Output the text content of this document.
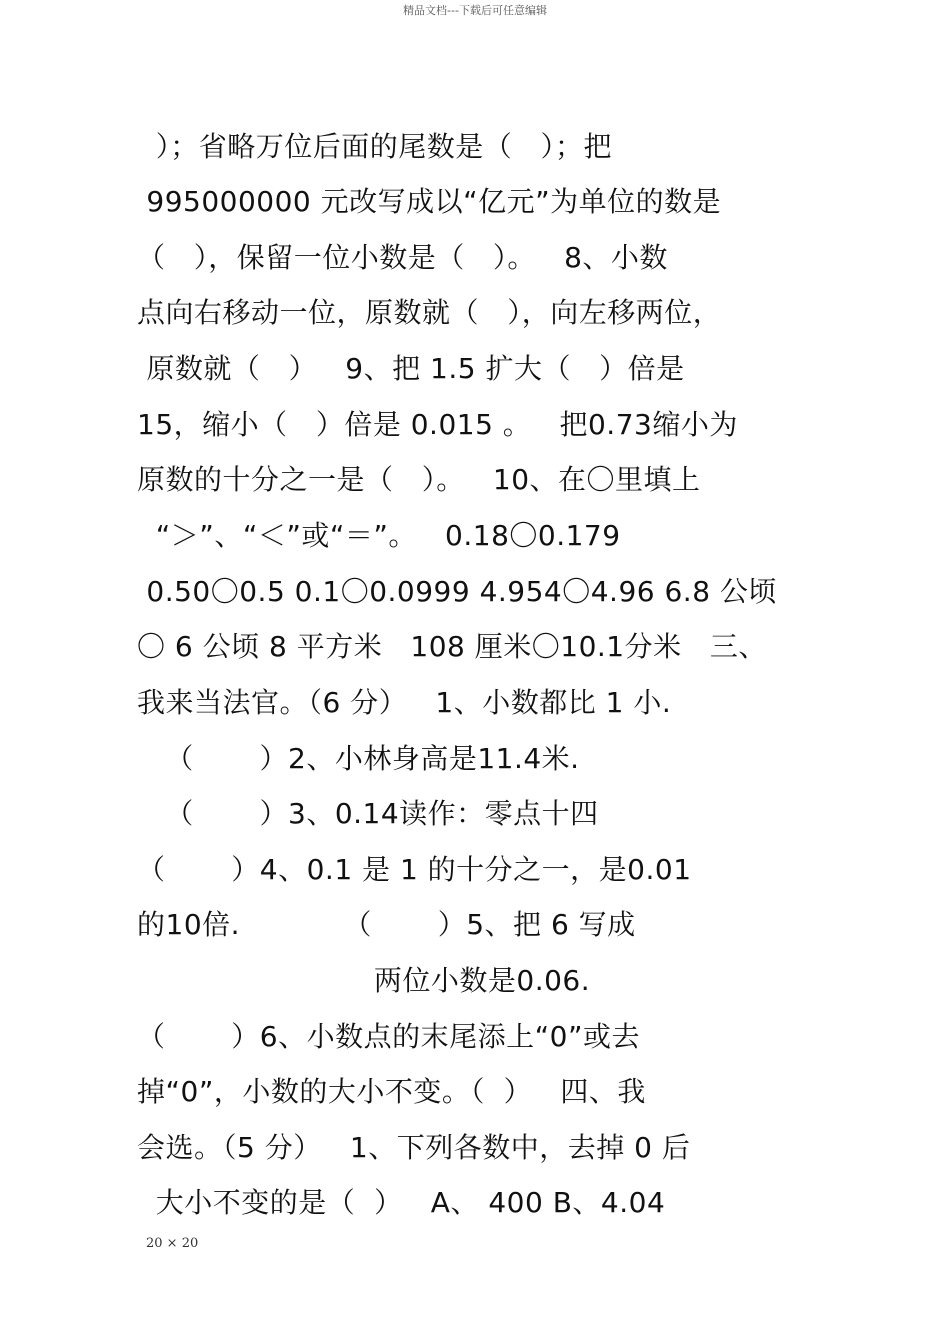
精品文档---下载后可任意编辑
）；省略万位后面的尾数是（   ）；把
995000000 元改写成以“亿元”为单位的数是
（   ），保留一位小数是（   ）。   8、小数
点向右移动一位，原数就（   ），向左移两位，
原数就（   ）   9、把 1.5 扩大（   ）倍是
15，缩小（   ）倍是 0.015 。   把0.73缩小为
原数的十分之一是（   ）。   10、在〇里填上
“＞”、“＜”或“＝”。   0.18〇0.179
0.50〇0.5 0.1〇0.0999 4.954〇4.96 6.8 公顷
〇 6 公顷 8 平方米   108 厘米〇10.1分米   三、
我来当法官。（6 分）   1、小数都比 1 小.
（       ）2、小林身高是11.4米.
（       ）3、0.14读作：零点十四
（       ）4、0.1 是 1 的十分之一，是0.01
的10倍.           （       ）5、把 6 写成
两位小数是0.06.
（       ）6、小数点的末尾添上“0”或去
掉“0”，小数的大小不变。（  ）   四、我
会选。（5 分）   1、下列各数中，去掉 0 后
大小不变的是（  ）   A、 400 B、4.04
20 × 20
